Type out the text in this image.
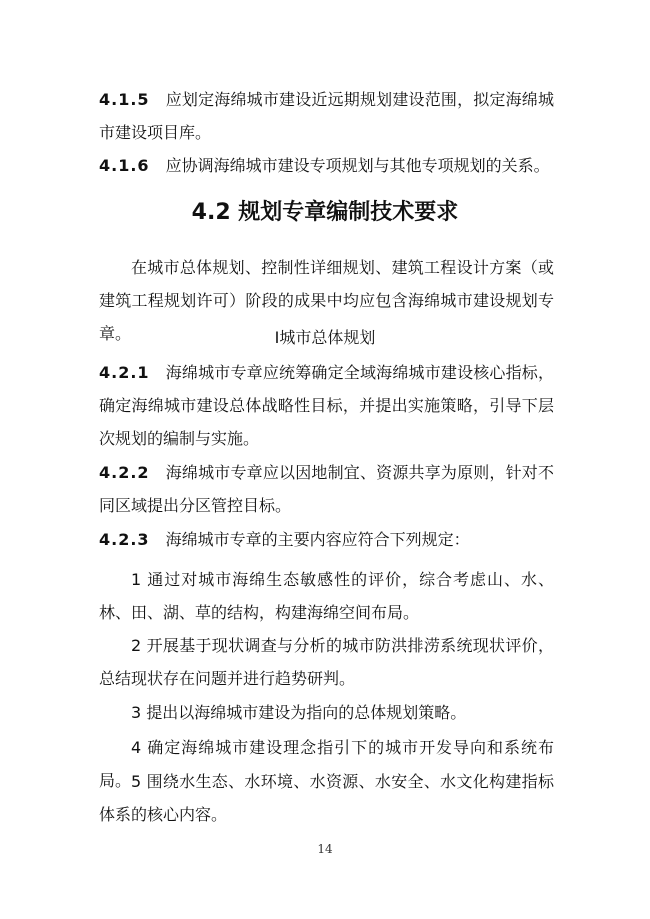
4.1.5 应划定海绵城市建设近远期规划建设范围，拟定海绵城市建设项目库。

4.1.6 应协调海绵城市建设专项规划与其他专项规划的关系。

4.2 规划专章编制技术要求

在城市总体规划、控制性详细规划、建筑工程设计方案（或建筑工程规划许可）阶段的成果中均应包含海绵城市建设规划专章。	Ⅰ城市总体规划

4.2.1 海绵城市专章应统筹确定全域海绵城市建设核心指标，确定海绵城市建设总体战略性目标，并提出实施策略，引导下层次规划的编制与实施。

4.2.2 海绵城市专章应以因地制宜、资源共享为原则，针对不同区域提出分区管控目标。

4.2.3 海绵城市专章的主要内容应符合下列规定：

1 通过对城市海绵生态敏感性的评价，综合考虑山、水、林、田、湖、草的结构，构建海绵空间布局。

2 开展基于现状调查与分析的城市防洪排涝系统现状评价，总结现状存在问题并进行趋势研判。

3 提出以海绵城市建设为指向的总体规划策略。

4 确定海绵城市建设理念指引下的城市开发导向和系统布局。 5 围绕水生态、水环境、水资源、水安全、水文化构建指标体系的核心内容。

14
